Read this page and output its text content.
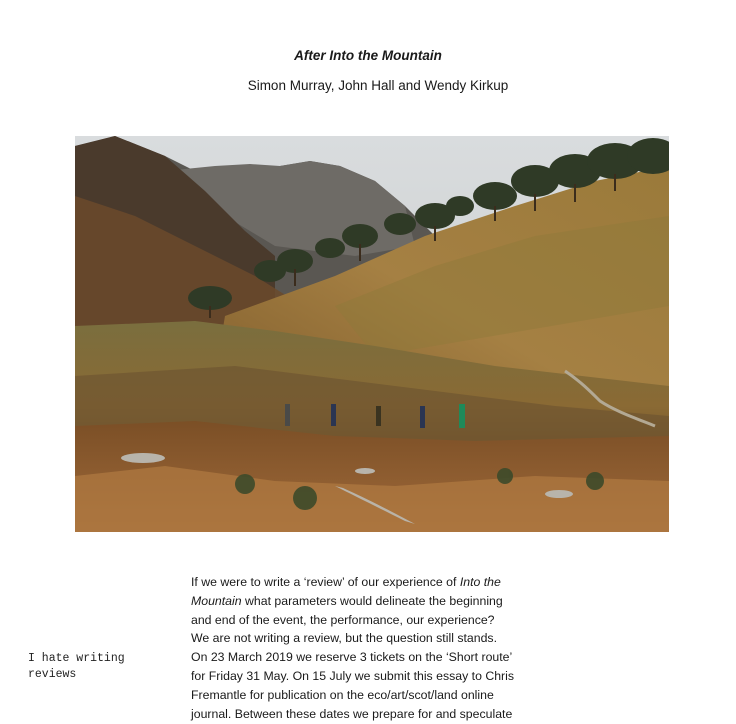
After Into the Mountain
Simon Murray, John Hall and Wendy Kirkup
If we were to write a ‘review’ of our experience of Into the
Mountain what parameters would delineate the beginning
and end of the event, the performance, our experience?
We are not writing a review, but the question still stands.
On 23 March 2019 we reserve 3 tickets on the ‘Short route’
for Friday 31 May. On 15 July we submit this essay to Chris
Fremantle for publication on the eco/art/scot/land online
journal. Between these dates we prepare for and speculate
I hate writing
reviews
